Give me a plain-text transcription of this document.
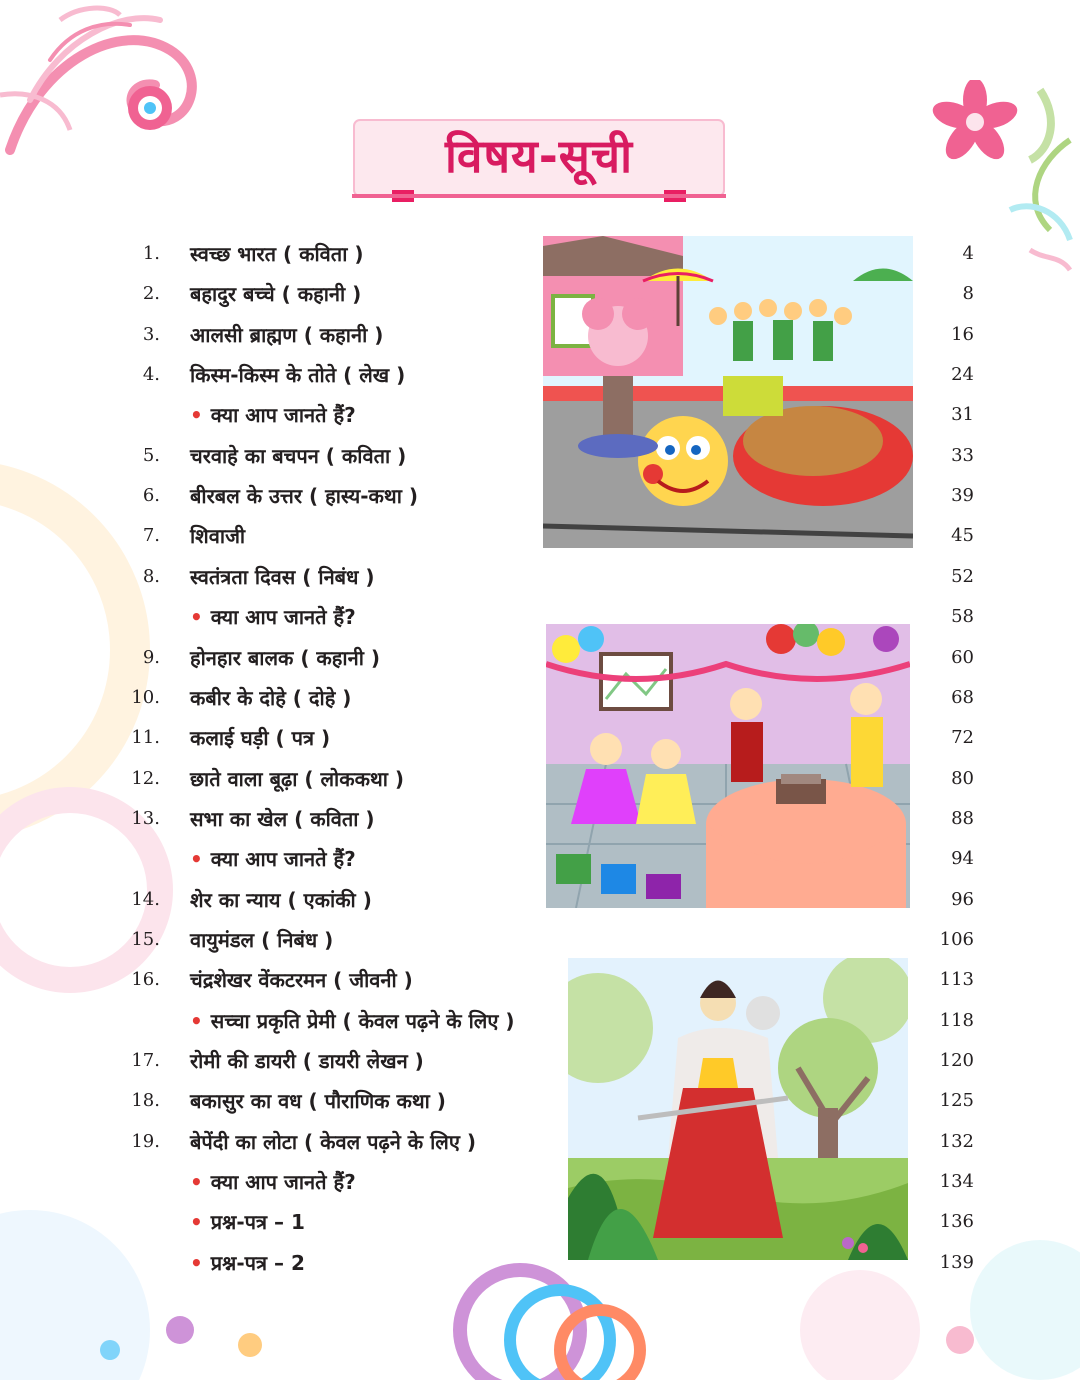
विषय-सूची
1. स्वच्छ भारत ( कविता )	4
2. बहादुर बच्चे ( कहानी )	8
3. आलसी ब्राह्मण ( कहानी )	16
4. किस्म-किस्म के तोते ( लेख )	24
• क्या आप जानते हैं?	31
5. चरवाहे का बचपन ( कविता )	33
6. बीरबल के उत्तर ( हास्य-कथा )	39
7. शिवाजी	45
8. स्वतंत्रता दिवस ( निबंध )	52
• क्या आप जानते हैं?	58
9. होनहार बालक ( कहानी )	60
10. कबीर के दोहे ( दोहे )	68
11. कलाई घड़ी ( पत्र )	72
12. छाते वाला बूढ़ा ( लोककथा )	80
13. सभा का खेल ( कविता )	88
• क्या आप जानते हैं?	94
14. शेर का न्याय ( एकांकी )	96
15. वायुमंडल ( निबंध )	106
16. चंद्रशेखर वेंकटरमन ( जीवनी )	113
• सच्चा प्रकृति प्रेमी ( केवल पढ़ने के लिए )	118
17. रोमी की डायरी ( डायरी लेखन )	120
18. बकासुर का वध ( पौराणिक कथा )	125
19. बेपेंदी का लोटा ( केवल पढ़ने के लिए )	132
• क्या आप जानते हैं?	134
• प्रश्न-पत्र – 1	136
• प्रश्न-पत्र – 2	139
